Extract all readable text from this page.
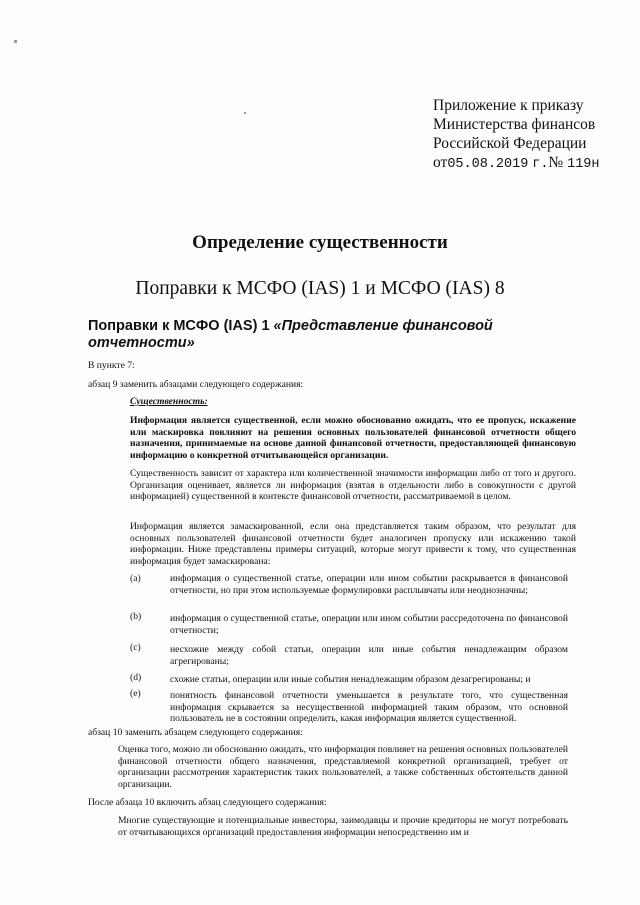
Приложение к приказу
Министерства финансов
Российской Федерации
от05.08.2019 г.№ 119н
Определение существенности
Поправки к МСФО (IAS) 1 и МСФО (IAS) 8
Поправки к МСФО (IAS) 1 «Представление финансовой отчетности»
В пункте 7:
абзац 9 заменить абзацами следующего содержания:
Существенность:
Информация является существенной, если можно обоснованно ожидать, что ее пропуск, искажение или маскировка повлияют на решения основных пользователей финансовой отчетности общего назначения, принимаемые на основе данной финансовой отчетности, предоставляющей финансовую информацию о конкретной отчитывающейся организации.
Существенность зависит от характера или количественной значимости информации либо от того и другого. Организация оценивает, является ли информация (взятая в отдельности либо в совокупности с другой информацией) существенной в контексте финансовой отчетности, рассматриваемой в целом.
Информация является замаскированной, если она представляется таким образом, что результат для основных пользователей финансовой отчетности будет аналогичен пропуску или искажению такой информации. Ниже представлены примеры ситуаций, которые могут привести к тому, что существенная информация будет замаскирована:
(a)	информация о существенной статье, операции или ином событии раскрывается в финансовой отчетности, но при этом используемые формулировки расплывчаты или неоднозначны;
(b)	информация о существенной статье, операции или ином событии рассредоточена по финансовой отчетности;
(c)	несхожие между собой статьи, операции или иные события ненадлежащим образом агрегированы;
(d)	схожие статьи, операции или иные события ненадлежащим образом дезагрегированы; и
(e)	понятность финансовой отчетности уменьшается в результате того, что существенная информация скрывается за несущественной информацией таким образом, что основной пользователь не в состоянии определить, какая информация является существенной.
абзац 10 заменить абзацем следующего содержания:
Оценка того, можно ли обоснованно ожидать, что информация повлияет на решения основных пользователей финансовой отчетности общего назначения, представляемой конкретной организацией, требует от организации рассмотрения характеристик таких пользователей, а также собственных обстоятельств данной организации.
После абзаца 10 включить абзац следующего содержания:
Многие существующие и потенциальные инвесторы, заимодавцы и прочие кредиторы не могут потребовать от отчитывающихся организаций предоставления информации непосредственно им и
